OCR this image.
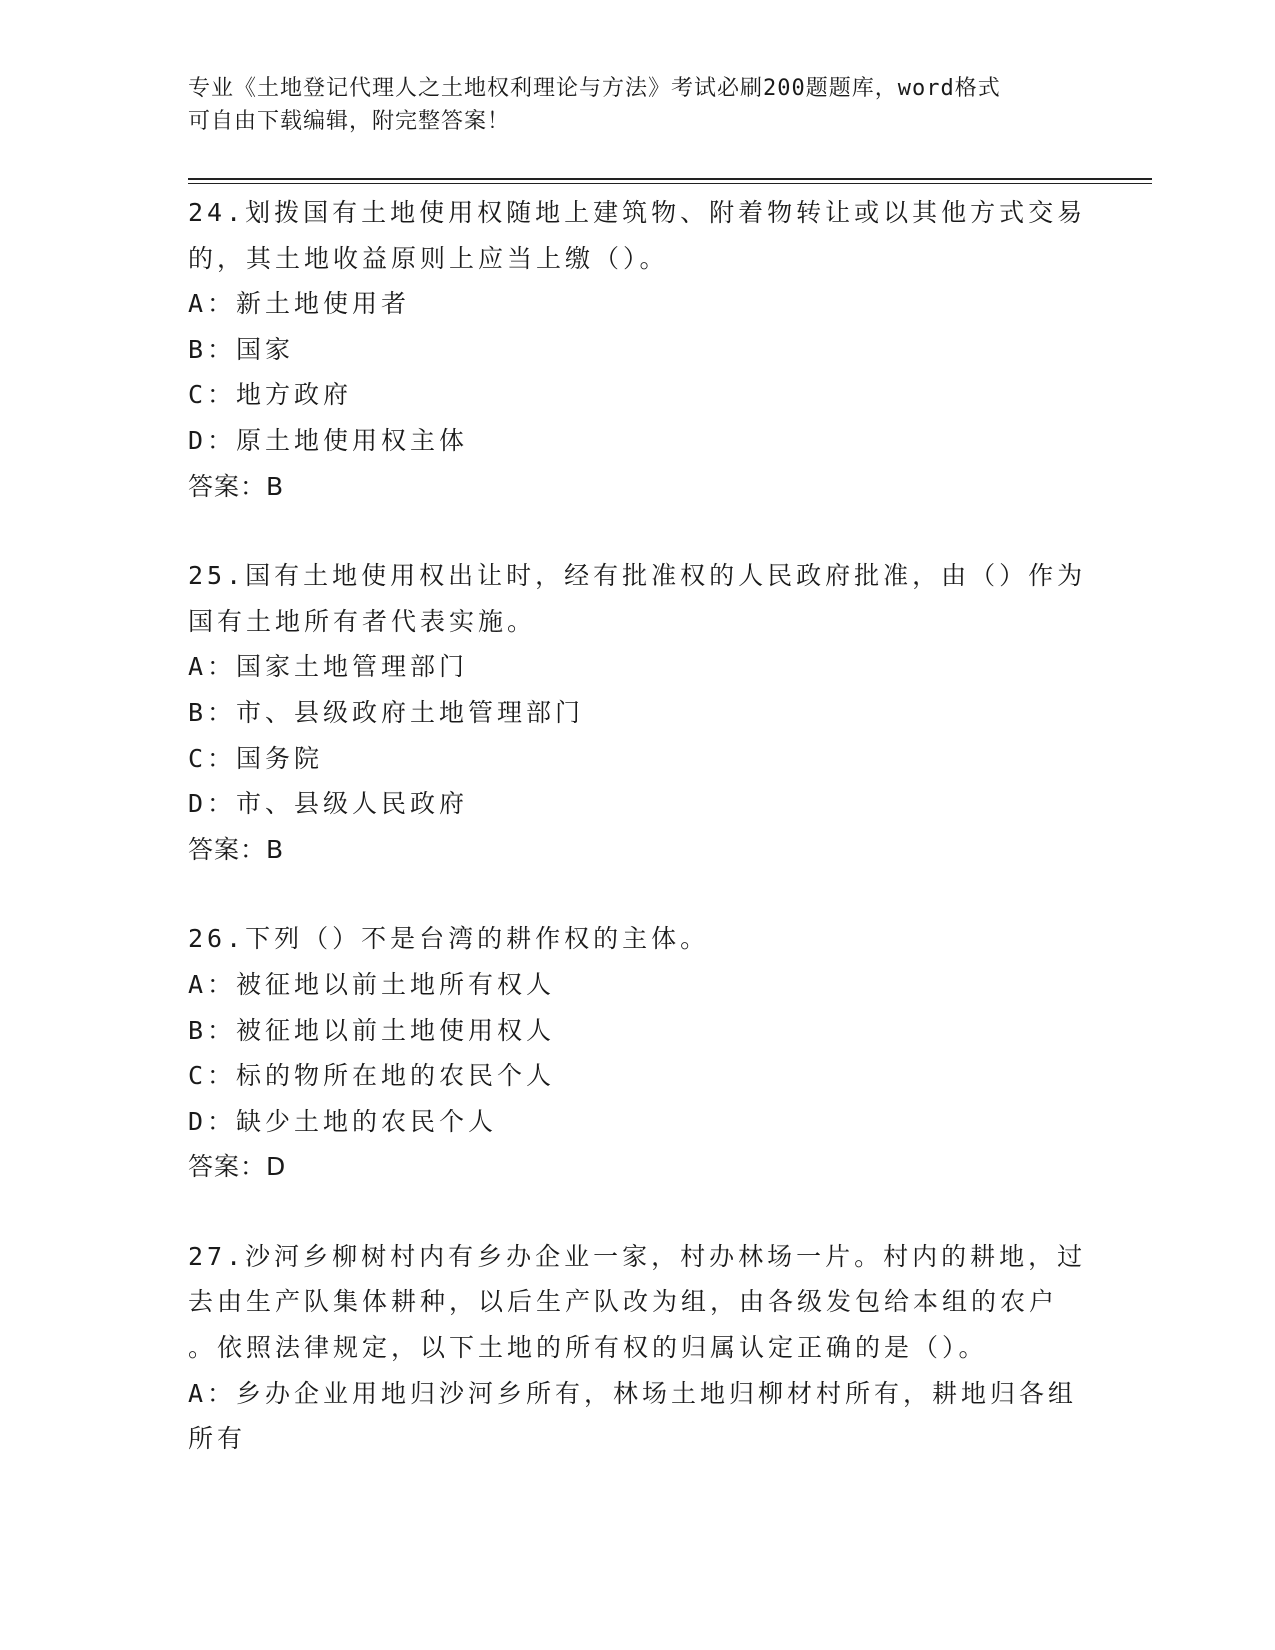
专业《土地登记代理人之土地权利理论与方法》考试必刷200题题库，word格式
可自由下载编辑，附完整答案！
24.划拨国有土地使用权随地上建筑物、附着物转让或以其他方式交易
的，其土地收益原则上应当上缴（）。
A：新土地使用者
B：国家
C：地方政府
D：原土地使用权主体
答案：B
25.国有土地使用权出让时，经有批准权的人民政府批准，由（）作为
国有土地所有者代表实施。
A：国家土地管理部门
B：市、县级政府土地管理部门
C：国务院
D：市、县级人民政府
答案：B
26.下列（）不是台湾的耕作权的主体。
A：被征地以前土地所有权人
B：被征地以前土地使用权人
C：标的物所在地的农民个人
D：缺少土地的农民个人
答案：D
27.沙河乡柳树村内有乡办企业一家，村办林场一片。村内的耕地，过
去由生产队集体耕种，以后生产队改为组，由各级发包给本组的农户
。依照法律规定，以下土地的所有权的归属认定正确的是（）。
A：乡办企业用地归沙河乡所有，林场土地归柳材村所有，耕地归各组
所有
